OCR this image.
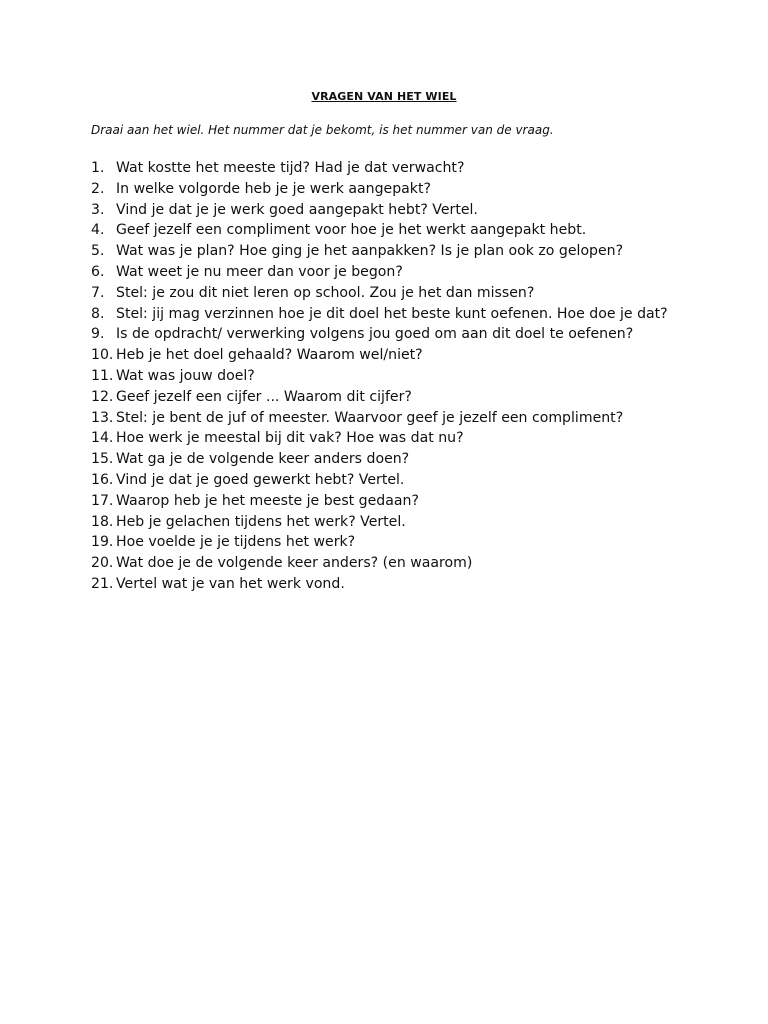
VRAGEN VAN HET WIEL
Draai aan het wiel. Het nummer dat je bekomt, is het nummer van de vraag.
1. Wat kostte het meeste tijd? Had je dat verwacht?
2. In welke volgorde heb je je werk aangepakt?
3. Vind je dat je je werk goed aangepakt hebt? Vertel.
4. Geef jezelf een compliment voor hoe je het werkt aangepakt hebt.
5. Wat was je plan? Hoe ging je het aanpakken? Is je plan ook zo gelopen?
6. Wat weet je nu meer dan voor je begon?
7. Stel: je zou dit niet leren op school. Zou je het dan missen?
8. Stel: jij mag verzinnen hoe je dit doel het beste kunt oefenen. Hoe doe je dat?
9. Is de opdracht/ verwerking volgens jou goed om aan dit doel te oefenen?
10. Heb je het doel gehaald? Waarom wel/niet?
11. Wat was jouw doel?
12. Geef jezelf een cijfer ... Waarom dit cijfer?
13. Stel: je bent de juf of meester. Waarvoor geef je jezelf een compliment?
14. Hoe werk je meestal bij dit vak? Hoe was dat nu?
15. Wat ga je de volgende keer anders doen?
16. Vind je dat je goed gewerkt hebt? Vertel.
17. Waarop heb je het meeste je best gedaan?
18. Heb je gelachen tijdens het werk? Vertel.
19. Hoe voelde je je tijdens het werk?
20. Wat doe je de volgende keer anders? (en waarom)
21. Vertel wat je van het werk vond.
